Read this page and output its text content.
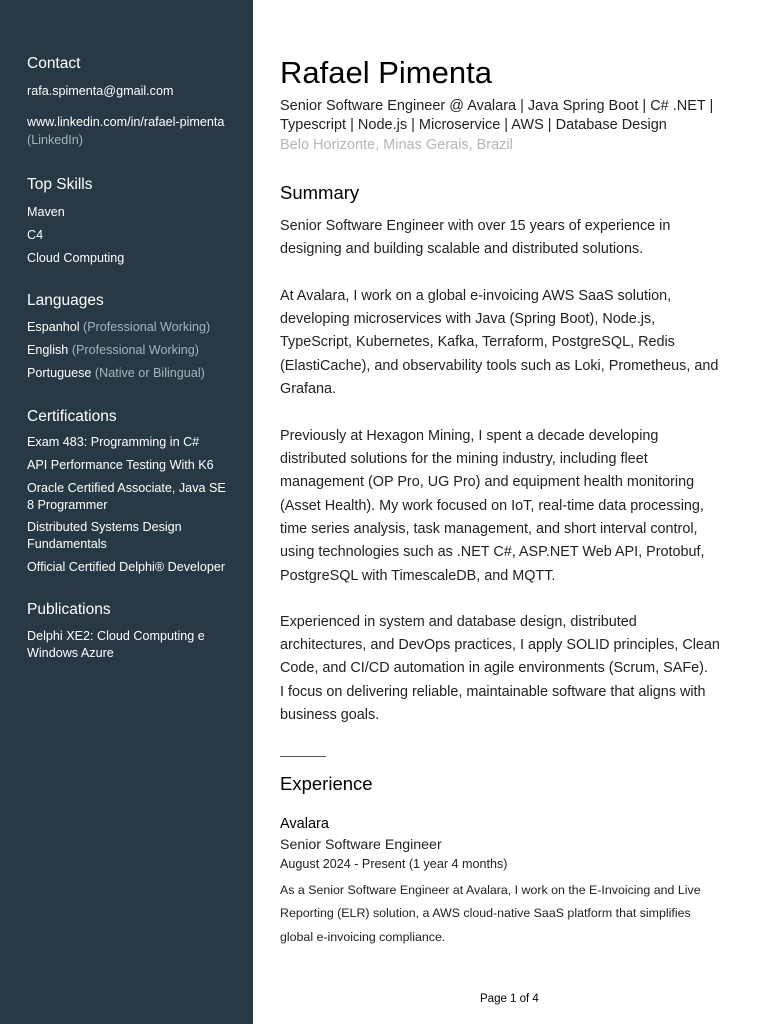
Contact
rafa.spimenta@gmail.com
www.linkedin.com/in/rafael-pimenta
(LinkedIn)
Top Skills
Maven
C4
Cloud Computing
Languages
Espanhol (Professional Working)
English (Professional Working)
Portuguese (Native or Bilingual)
Certifications
Exam 483: Programming in C#
API Performance Testing With K6
Oracle Certified Associate, Java SE
8 Programmer
Distributed Systems Design
Fundamentals
Official Certified Delphi® Developer
Publications
Delphi XE2: Cloud Computing e
Windows Azure
Rafael Pimenta
Senior Software Engineer @ Avalara | Java Spring Boot | C# .NET |
Typescript | Node.js | Microservice | AWS | Database Design
Belo Horizonte, Minas Gerais, Brazil
Summary
Senior Software Engineer with over 15 years of experience in
designing and building scalable and distributed solutions.
At Avalara, I work on a global e-invoicing AWS SaaS solution,
developing microservices with Java (Spring Boot), Node.js,
TypeScript, Kubernetes, Kafka, Terraform, PostgreSQL, Redis
(ElastiCache), and observability tools such as Loki, Prometheus, and
Grafana.
Previously at Hexagon Mining, I spent a decade developing
distributed solutions for the mining industry, including fleet
management (OP Pro, UG Pro) and equipment health monitoring
(Asset Health). My work focused on IoT, real-time data processing,
time series analysis, task management, and short interval control,
using technologies such as .NET C#, ASP.NET Web API, Protobuf,
PostgreSQL with TimescaleDB, and MQTT.
Experienced in system and database design, distributed
architectures, and DevOps practices, I apply SOLID principles, Clean
Code, and CI/CD automation in agile environments (Scrum, SAFe).
I focus on delivering reliable, maintainable software that aligns with
business goals.
Experience
Avalara
Senior Software Engineer
August 2024 - Present (1 year 4 months)
As a Senior Software Engineer at Avalara, I work on the E-Invoicing and Live
Reporting (ELR) solution, a AWS cloud-native SaaS platform that simplifies
global e-invoicing compliance.
Page 1 of 4
